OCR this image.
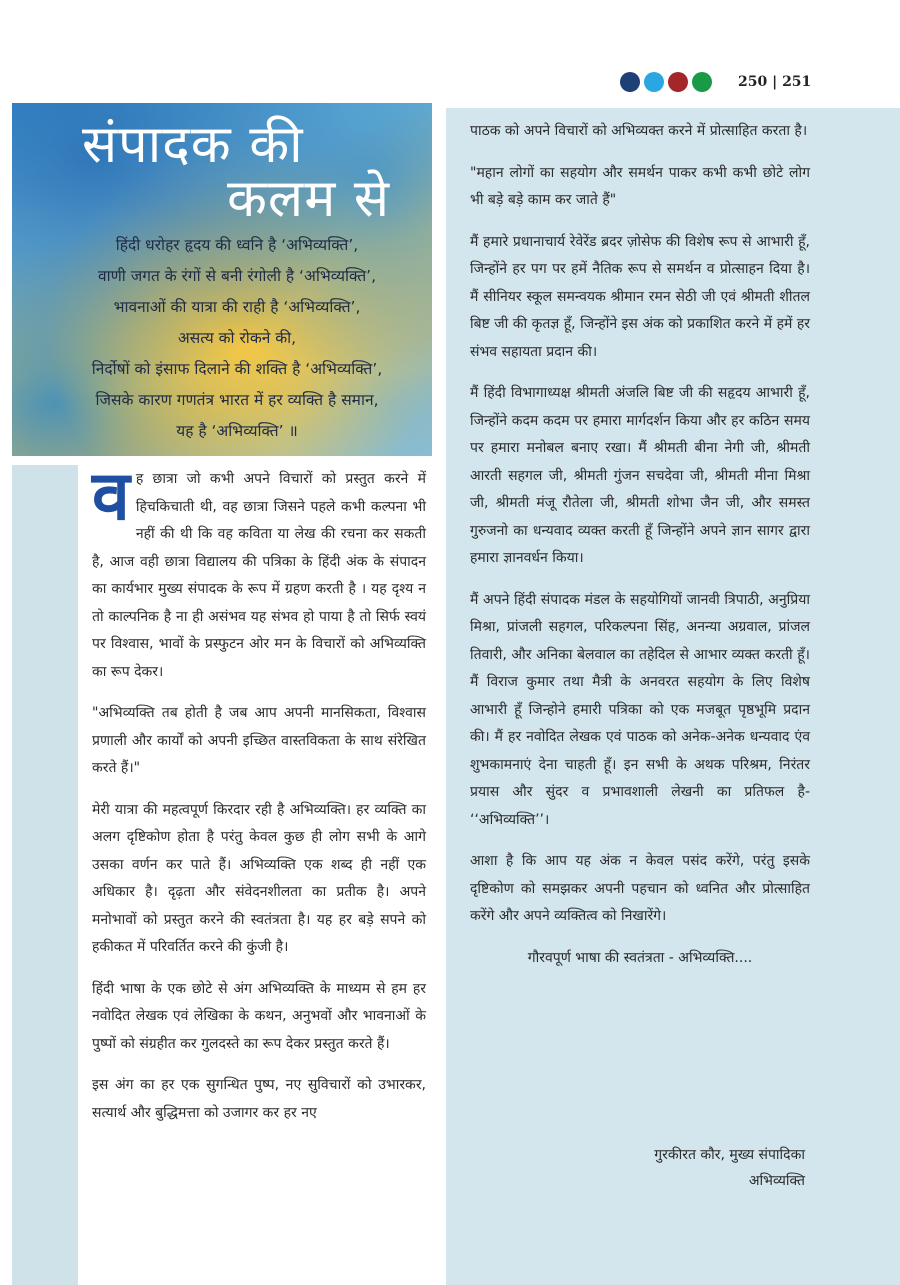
250 | 251
संपादक की
कलम से
हिंदी धरोहर हृदय की ध्वनि है ‘अभिव्यक्ति’,
वाणी जगत के रंगों से बनी रंगोली है ‘अभिव्यक्ति’,
भावनाओं की यात्रा की राही है ‘अभिव्यक्ति’,
असत्य को रोकने की,
निर्दोषों को इंसाफ दिलाने की शक्ति है ‘अभिव्यक्ति’,
जिसके कारण गणतंत्र भारत में हर व्यक्ति है समान,
यह है ‘अभिव्यक्ति’ ॥

वह छात्रा जो कभी अपने विचारों को प्रस्तुत करने में हिचकिचाती थी, वह छात्रा जिसने पहले कभी कल्पना भी नहीं की थी कि वह कविता या लेख की रचना कर सकती है, आज वही छात्रा विद्यालय की पत्रिका के हिंदी अंक के संपादन का कार्यभार मुख्य संपादक के रूप में ग्रहण करती है । यह दृश्य न तो काल्पनिक है ना ही असंभव यह संभव हो पाया है तो सिर्फ स्वयं पर विश्वास, भावों के प्रस्फुटन ओर मन के विचारों को अभिव्यक्ति का रूप देकर।

"अभिव्यक्ति तब होती है जब आप अपनी मानसिकता, विश्वास प्रणाली और कार्यों को अपनी इच्छित वास्तविकता के साथ संरेखित करते हैं।"

मेरी यात्रा की महत्वपूर्ण किरदार रही है अभिव्यक्ति। हर व्यक्ति का अलग दृष्टिकोण होता है परंतु केवल कुछ ही लोग सभी के आगे उसका वर्णन कर पाते हैं। अभिव्यक्ति एक शब्द ही नहीं एक अधिकार है। दृढ़ता और संवेदनशीलता का प्रतीक है। अपने मनोभावों को प्रस्तुत करने की स्वतंत्रता है। यह हर बड़े सपने को हकीकत में परिवर्तित करने की कुंजी है।

हिंदी भाषा के एक छोटे से अंग अभिव्यक्ति के माध्यम से हम हर नवोदित लेखक एवं लेखिका के कथन, अनुभवों और भावनाओं के पुष्पों को संग्रहीत कर गुलदस्ते का रूप देकर प्रस्तुत करते हैं।

इस अंग का हर एक सुगन्धित पुष्प, नए सुविचारों को उभारकर, सत्यार्थ और बुद्धिमत्ता को उजागर कर हर नए

पाठक को अपने विचारों को अभिव्यक्त करने में प्रोत्साहित करता है।

"महान लोगों का सहयोग और समर्थन पाकर कभी कभी छोटे लोग भी बड़े बड़े काम कर जाते हैं"

मैं हमारे प्रधानाचार्य रेवेरेंड ब्रदर ज़ोसेफ की विशेष रूप से आभारी हूँ, जिन्होंने हर पग पर हमें नैतिक रूप से समर्थन व प्रोत्साहन दिया है। मैं सीनियर स्कूल समन्वयक श्रीमान रमन सेठी जी एवं श्रीमती शीतल बिष्ट जी की कृतज्ञ हूँ, जिन्होंने इस अंक को प्रकाशित करने में हमें हर संभव सहायता प्रदान की।

मैं हिंदी विभागाध्यक्ष श्रीमती अंजलि बिष्ट जी की सहृदय आभारी हूँ, जिन्होंने कदम कदम पर हमारा मार्गदर्शन किया और हर कठिन समय पर हमारा मनोबल बनाए रखा। मैं श्रीमती बीना नेगी जी, श्रीमती आरती सहगल जी, श्रीमती गुंजन सचदेवा जी, श्रीमती मीना मिश्रा जी, श्रीमती मंजू रौतेला जी, श्रीमती शोभा जैन जी, और समस्त गुरुजनो का धन्यवाद व्यक्त करती हूँ जिन्होंने अपने ज्ञान सागर द्वारा हमारा ज्ञानवर्धन किया।

मैं अपने हिंदी संपादक मंडल के सहयोगियों जानवी त्रिपाठी, अनुप्रिया मिश्रा, प्रांजली सहगल, परिकल्पना सिंह, अनन्या अग्रवाल, प्रांजल तिवारी, और अनिका बेलवाल का तहेदिल से आभार व्यक्त करती हूँ। मैं विराज कुमार तथा मैत्री के अनवरत सहयोग के लिए विशेष आभारी हूँ जिन्होने हमारी पत्रिका को एक मजबूत पृष्ठभूमि प्रदान की। मैं हर नवोदित लेखक एवं पाठक को अनेक-अनेक धन्यवाद एंव शुभकामनाएं देना चाहती हूँ। इन सभी के अथक परिश्रम, निरंतर प्रयास और सुंदर व प्रभावशाली लेखनी का प्रतिफल है- ‘‘अभिव्यक्ति’’।

आशा है कि आप यह अंक न केवल पसंद करेंगे, परंतु इसके दृष्टिकोण को समझकर अपनी पहचान को ध्वनित और प्रोत्साहित करेंगे और अपने व्यक्तित्व को निखारेंगे।

गौरवपूर्ण भाषा की स्वतंत्रता - अभिव्यक्ति....

गुरकीरत कौर, मुख्य संपादिका
अभिव्यक्ति
